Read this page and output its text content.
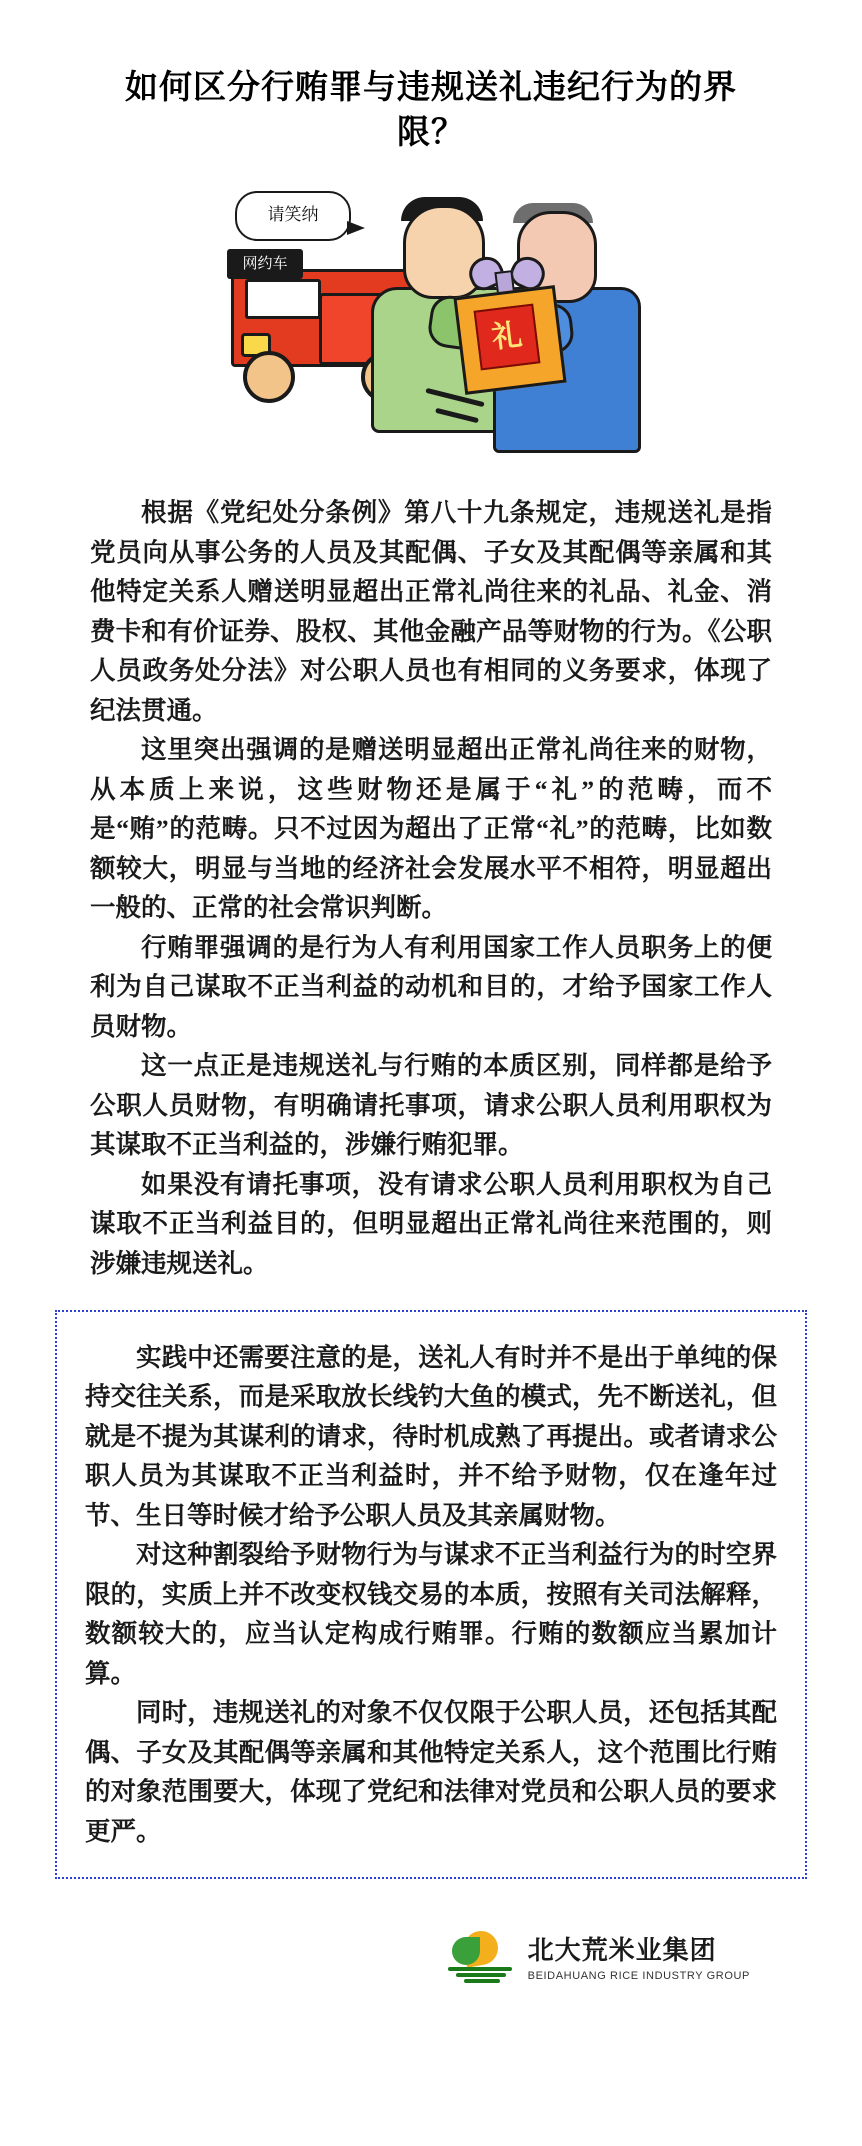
如何区分行贿罪与违规送礼违纪行为的界限？
请笑纳
网约车
礼

根据《党纪处分条例》第八十九条规定，违规送礼是指党员向从事公务的人员及其配偶、子女及其配偶等亲属和其他特定关系人赠送明显超出正常礼尚往来的礼品、礼金、消费卡和有价证券、股权、其他金融产品等财物的行为。《公职人员政务处分法》对公职人员也有相同的义务要求，体现了纪法贯通。

这里突出强调的是赠送明显超出正常礼尚往来的财物，从本质上来说，这些财物还是属于“礼”的范畴，而不是“贿”的范畴。只不过因为超出了正常“礼”的范畴，比如数额较大，明显与当地的经济社会发展水平不相符，明显超出一般的、正常的社会常识判断。

行贿罪强调的是行为人有利用国家工作人员职务上的便利为自己谋取不正当利益的动机和目的，才给予国家工作人员财物。

这一点正是违规送礼与行贿的本质区别，同样都是给予公职人员财物，有明确请托事项，请求公职人员利用职权为其谋取不正当利益的，涉嫌行贿犯罪。

如果没有请托事项，没有请求公职人员利用职权为自己谋取不正当利益目的，但明显超出正常礼尚往来范围的，则涉嫌违规送礼。

实践中还需要注意的是，送礼人有时并不是出于单纯的保持交往关系，而是采取放长线钓大鱼的模式，先不断送礼，但就是不提为其谋利的请求，待时机成熟了再提出。或者请求公职人员为其谋取不正当利益时，并不给予财物，仅在逢年过节、生日等时候才给予公职人员及其亲属财物。

对这种割裂给予财物行为与谋求不正当利益行为的时空界限的，实质上并不改变权钱交易的本质，按照有关司法解释，数额较大的，应当认定构成行贿罪。行贿的数额应当累加计算。

同时，违规送礼的对象不仅仅限于公职人员，还包括其配偶、子女及其配偶等亲属和其他特定关系人，这个范围比行贿的对象范围要大，体现了党纪和法律对党员和公职人员的要求更严。

北大荒米业集团
BEIDAHUANG RICE INDUSTRY GROUP
